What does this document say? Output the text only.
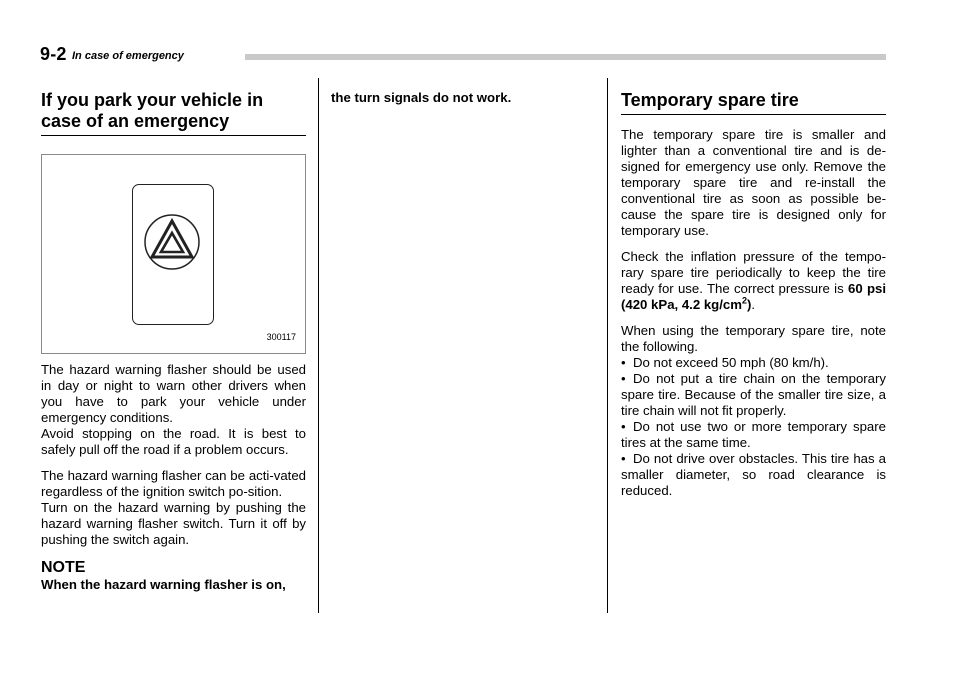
9-2 In case of emergency
If you park your vehicle in case of an emergency
300117

The hazard warning flasher should be used in day or night to warn other drivers when you have to park your vehicle under emergency conditions.

Avoid stopping on the road. It is best to safely pull off the road if a problem occurs.

The hazard warning flasher can be acti-vated regardless of the ignition switch po-sition.

Turn on the hazard warning by pushing the hazard warning flasher switch. Turn it off by pushing the switch again.

NOTE

When the hazard warning flasher is on,

the turn signals do not work.	Temporary spare tire

The temporary spare tire is smaller and lighter than a conventional tire and is de-signed for emergency use only. Remove the temporary spare tire and re-install the conventional tire as soon as possible be-cause the spare tire is designed only for temporary use.

Check the inflation pressure of the tempo-rary spare tire periodically to keep the tire ready for use. The correct pressure is 60 psi (420 kPa, 4.2 $kg/cm^2$).

When using the temporary spare tire, note the following.

• Do not exceed 50 mph (80 km/h).
• Do not put a tire chain on the temporary spare tire. Because of the smaller tire size, a tire chain will not fit properly.
• Do not use two or more temporary spare tires at the same time.
• Do not drive over obstacles. This tire has a smaller diameter, so road clearance is reduced.
